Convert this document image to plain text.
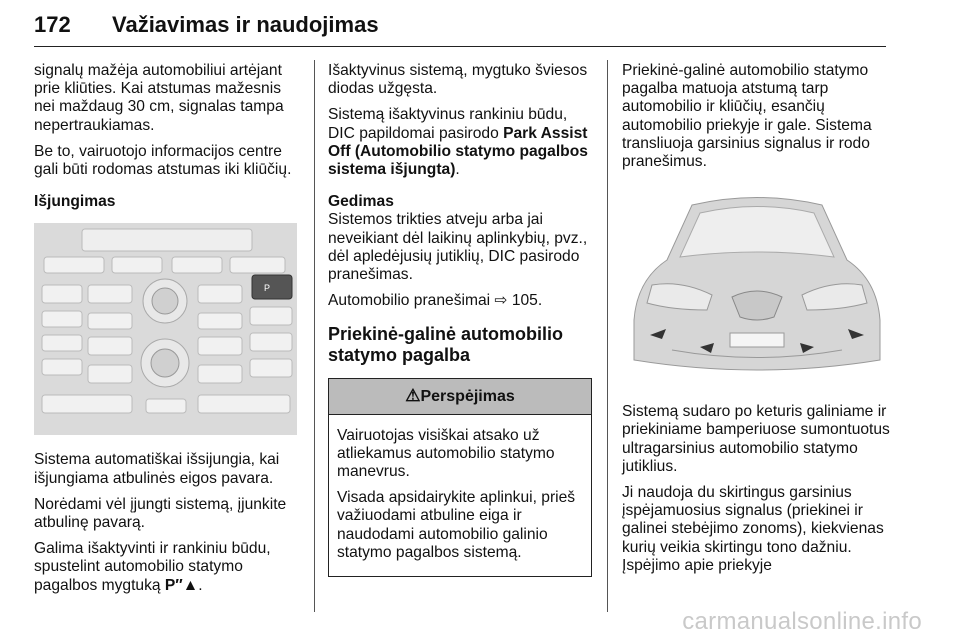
172 Važiavimas ir naudojimas

signalų mažėja automobiliui artėjant prie kliūties. Kai atstumas mažesnis nei maždaug 30 cm, signalas tampa nepertraukiamas.

Be to, vairuotojo informacijos centre gali būti rodomas atstumas iki kliūčių.

Išjungimas
P

Sistema automatiškai išsijungia, kai išjungiama atbulinės eigos pavara.

Norėdami vėl įjungti sistemą, įjunkite atbulinę pavarą.

Galima išaktyvinti ir rankiniu būdu, spustelint automobilio statymo pagalbos mygtuką P″▲.

Išaktyvinus sistemą, mygtuko šviesos diodas užgęsta.

Sistemą išaktyvinus rankiniu būdu, DIC papildomai pasirodo Park Assist Off (Automobilio statymo pagalbos sistema išjungta).

Gedimas

Sistemos trikties atveju arba jai neveikiant dėl laikinų aplinkybių, pvz., dėl apledėjusių jutiklių, DIC pasirodo pranešimas.

Automobilio pranešimai ⇨ 105.

Priekinė-galinė automobilio statymo pagalba
⚠Perspėjimas

Vairuotojas visiškai atsako už atliekamus automobilio statymo manevrus.

Visada apsidairykite aplinkui, prieš važiuodami atbuline eiga ir naudodami automobilio galinio statymo pagalbos sistemą.

Priekinė-galinė automobilio statymo pagalba matuoja atstumą tarp automobilio ir kliūčių, esančių automobilio priekyje ir gale. Sistema transliuoja garsinius signalus ir rodo pranešimus.

Sistemą sudaro po keturis galiniame ir priekiniame bamperiuose sumontuotus ultragarsinius automobilio statymo jutiklius.

Ji naudoja du skirtingus garsinius įspėjamuosius signalus (priekinei ir galinei stebėjimo zonoms), kiekvienas kurių veikia skirtingu tono dažniu. Įspėjimo apie priekyje

carmanualsonline.info
